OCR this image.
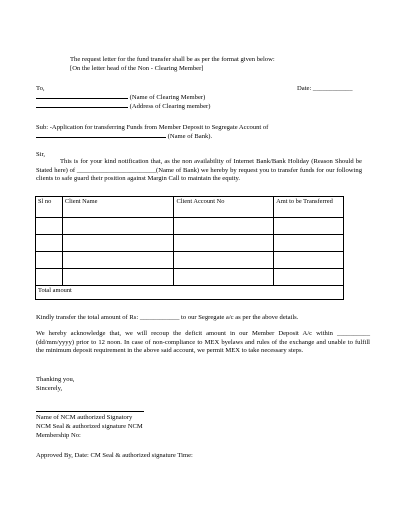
The request letter for the fund transfer shall be as per the format given below:
[On the letter head of the Non - Clearing Member]
To,	Date: ____________
(Name of Clearing Member)
(Address of Clearing member)
Sub: -Application for transferring Funds from Member Deposit to Segregate Account of
(Name of Bank).
Sir,
This is for your kind notification that, as the non availability of Internet Bank/Bank Holiday (Reason Should be Stated here) of ________________________(Name of Bank) we hereby by request you to transfer funds for our following clients to safe guard their position against Margin Call to maintain the equity.
Sl no	Client Name	Client Account No	Amt to be Transferred

Total amount			
Kindly transfer the total amount of Rs: ____________ to our Segregate a/c as per the above details.
We hereby acknowledge that, we will recoup the deficit amount in our Member Deposit A/c within __________ (dd/mm/yyyy) prior to 12 noon. In case of non-compliance to MEX byelaws and rules of the exchange and unable to fulfill the minimum deposit requirement in the above said account, we permit MEX to take necessary steps.
Thanking you,
Sincerely,
Name of NCM authorized Signatory
NCM Seal & authorized signature NCM
Membership No:
Approved By, Date: CM Seal & authorized signature Time:
